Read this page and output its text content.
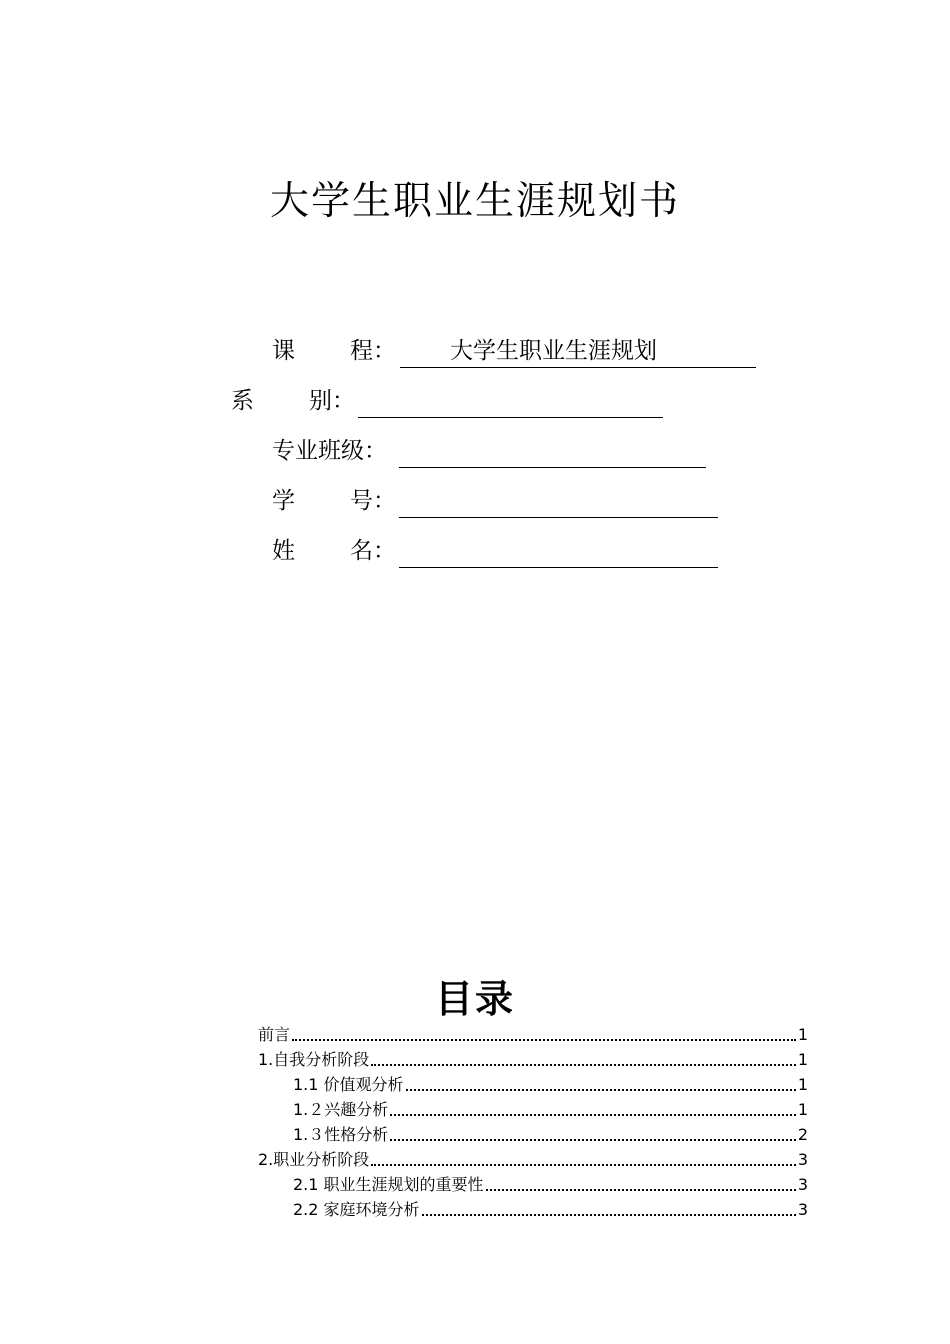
大学生职业生涯规划书
课 程： 大学生职业生涯规划
系 别：
专业班级：
学 号：
姓 名：
目录
前言	1
1.自我分析阶段	1
1.1 价值观分析	1
1.２兴趣分析	1
1.３性格分析	2
2.职业分析阶段	3
2.1 职业生涯规划的重要性	3
2.2 家庭环境分析	3
